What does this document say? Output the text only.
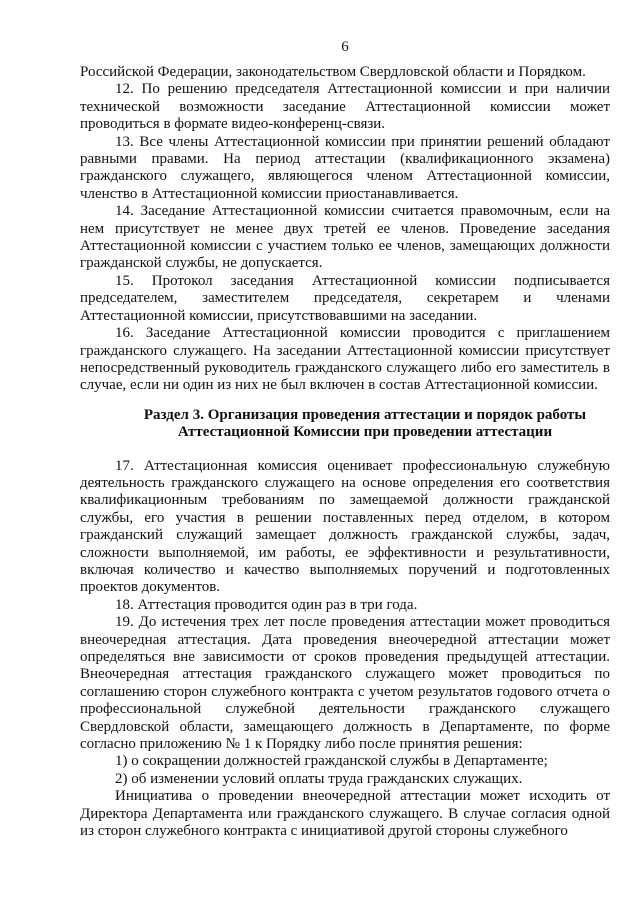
6

Российской Федерации, законодательством Свердловской области и Порядком.

12. По решению председателя Аттестационной комиссии и при наличии технической возможности заседание Аттестационной комиссии может проводиться в формате видео-конференц-связи.

13. Все члены Аттестационной комиссии при принятии решений обладают равными правами. На период аттестации (квалификационного экзамена) гражданского служащего, являющегося членом Аттестационной комиссии, членство в Аттестационной комиссии приостанавливается.

14. Заседание Аттестационной комиссии считается правомочным, если на нем присутствует не менее двух третей ее членов. Проведение заседания Аттестационной комиссии с участием только ее членов, замещающих должности гражданской службы, не допускается.

15. Протокол заседания Аттестационной комиссии подписывается председателем, заместителем председателя, секретарем и членами Аттестационной комиссии, присутствовавшими на заседании.

16. Заседание Аттестационной комиссии проводится с приглашением гражданского служащего. На заседании Аттестационной комиссии присутствует непосредственный руководитель гражданского служащего либо его заместитель в случае, если ни один из них не был включен в состав Аттестационной комиссии.

Раздел 3. Организация проведения аттестации и порядок работы
Аттестационной Комиссии при проведении аттестации

17. Аттестационная комиссия оценивает профессиональную служебную деятельность гражданского служащего на основе определения его соответствия квалификационным требованиям по замещаемой должности гражданской службы, его участия в решении поставленных перед отделом, в котором гражданский служащий замещает должность гражданской службы, задач, сложности выполняемой, им работы, ее эффективности и результативности, включая количество и качество выполняемых поручений и подготовленных проектов документов.

18. Аттестация проводится один раз в три года.

19. До истечения трех лет после проведения аттестации может проводиться внеочередная аттестация. Дата проведения внеочередной аттестации может определяться вне зависимости от сроков проведения предыдущей аттестации. Внеочередная аттестация гражданского служащего может проводиться по соглашению сторон служебного контракта с учетом результатов годового отчета о профессиональной служебной деятельности гражданского служащего Свердловской области, замещающего должность в Департаменте, по форме согласно приложению № 1 к Порядку либо после принятия решения:

1) о сокращении должностей гражданской службы в Департаменте;

2) об изменении условий оплаты труда гражданских служащих.

Инициатива о проведении внеочередной аттестации может исходить от Директора Департамента или гражданского служащего. В случае согласия одной из сторон служебного контракта с инициативой другой стороны служебного
